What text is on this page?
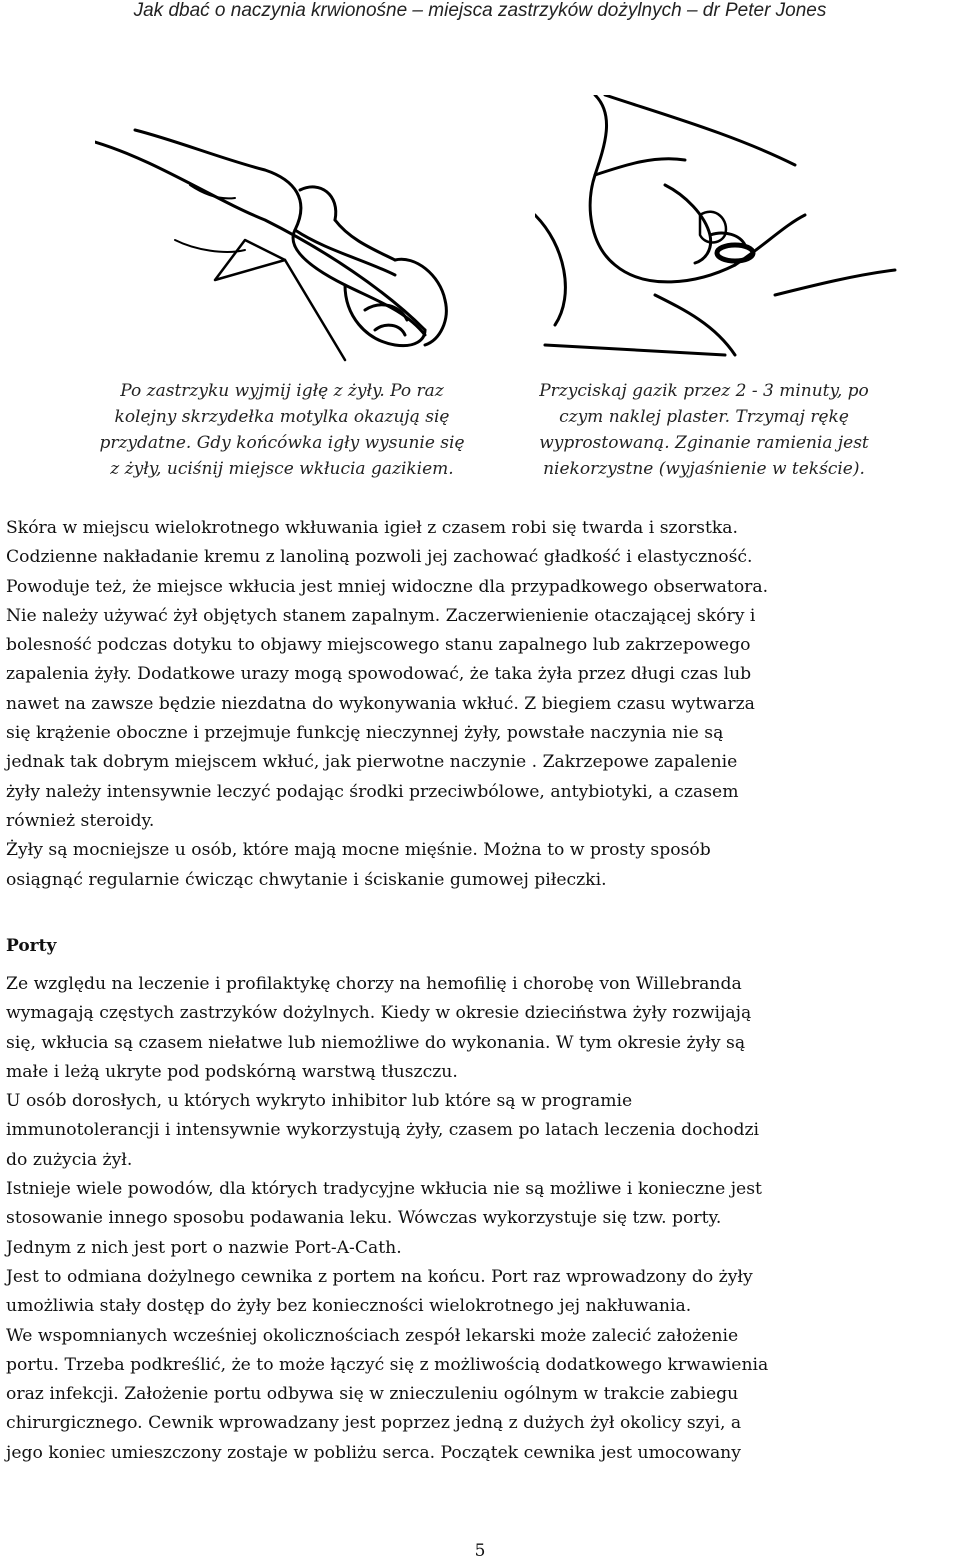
Jak dbać o naczynia krwionośne – miejsca zastrzyków dożylnych – dr Peter Jones
Po zastrzyku wyjmij igłę z żyły. Po raz
kolejny skrzydełka motylka okazują się
przydatne. Gdy końcówka igły wysunie się
z żyły, uciśnij miejsce wkłucia gazikiem.
Przyciskaj gazik przez 2 - 3 minuty, po
czym naklej plaster. Trzymaj rękę
wyprostowaną. Zginanie ramienia jest
niekorzystne (wyjaśnienie w tekście).

Skóra w miejscu wielokrotnego wkłuwania igieł z czasem robi się twarda i szorstka.

Codzienne nakładanie kremu z lanoliną pozwoli jej zachować gładkość i elastyczność.

Powoduje też, że miejsce wkłucia jest mniej widoczne dla przypadkowego obserwatora.

Nie należy używać żył objętych stanem zapalnym. Zaczerwienienie otaczającej skóry i

bolesność podczas dotyku to objawy miejscowego stanu zapalnego lub zakrzepowego

zapalenia żyły. Dodatkowe urazy mogą spowodować, że taka żyła przez długi czas lub

nawet na zawsze będzie niezdatna do wykonywania wkłuć. Z biegiem czasu wytwarza

się krążenie oboczne i przejmuje funkcję nieczynnej żyły, powstałe naczynia nie są

jednak tak dobrym miejscem wkłuć, jak pierwotne naczynie . Zakrzepowe zapalenie

żyły należy intensywnie leczyć podając środki przeciwbólowe, antybiotyki, a czasem

również steroidy.

Żyły są mocniejsze u osób, które mają mocne mięśnie. Można to w prosty sposób

osiągnąć regularnie ćwicząc chwytanie i ściskanie gumowej piłeczki.

Porty

Ze względu na leczenie i profilaktykę chorzy na hemofilię i chorobę von Willebranda

wymagają częstych zastrzyków dożylnych. Kiedy w okresie dzieciństwa żyły rozwijają

się, wkłucia są czasem niełatwe lub niemożliwe do wykonania. W tym okresie żyły są

małe i leżą ukryte pod podskórną warstwą tłuszczu.

U osób dorosłych, u których wykryto inhibitor lub które są w programie

immunotolerancji i intensywnie wykorzystują żyły, czasem po latach leczenia dochodzi

do zużycia żył.

Istnieje wiele powodów, dla których tradycyjne wkłucia nie są możliwe i konieczne jest

stosowanie innego sposobu podawania leku. Wówczas wykorzystuje się tzw. porty.

Jednym z nich jest port o nazwie Port-A-Cath.

Jest to odmiana dożylnego cewnika z portem na końcu. Port raz wprowadzony do żyły

umożliwia stały dostęp do żyły bez konieczności wielokrotnego jej nakłuwania.

We wspomnianych wcześniej okolicznościach zespół lekarski może zalecić założenie

portu. Trzeba podkreślić, że to może łączyć się z możliwością dodatkowego krwawienia

oraz infekcji. Założenie portu odbywa się w znieczuleniu ogólnym w trakcie zabiegu

chirurgicznego. Cewnik wprowadzany jest poprzez jedną z dużych żył okolicy szyi, a

jego koniec umieszczony zostaje w pobliżu serca. Początek cewnika jest umocowany

5
